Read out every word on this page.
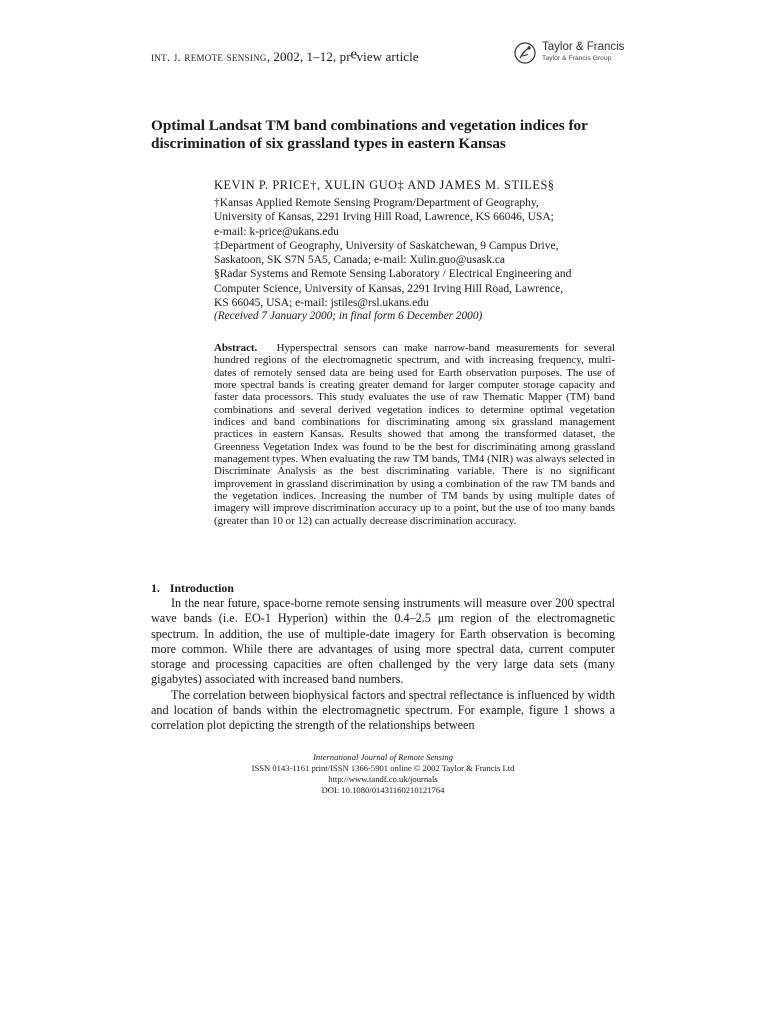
int. j. remote sensing, 2002, 1–12, preview article
Taylor & Francis
Taylor & Francis Group
Optimal Landsat TM band combinations and vegetation indices for discrimination of six grassland types in eastern Kansas
KEVIN P. PRICE†, XULIN GUO‡ AND JAMES M. STILES§
†Kansas Applied Remote Sensing Program/Department of Geography,
University of Kansas, 2291 Irving Hill Road, Lawrence, KS 66046, USA;
e-mail: k-price@ukans.edu
‡Department of Geography, University of Saskatchewan, 9 Campus Drive,
Saskatoon, SK S7N 5A5, Canada; e-mail: Xulin.guo@usask.ca
§Radar Systems and Remote Sensing Laboratory / Electrical Engineering and
Computer Science, University of Kansas, 2291 Irving Hill Road, Lawrence,
KS 66045, USA; e-mail: jstiles@rsl.ukans.edu
(Received 7 January 2000; in final form 6 December 2000)

Abstract. Hyperspectral sensors can make narrow-band measurements for several hundred regions of the electromagnetic spectrum, and with increasing frequency, multi-dates of remotely sensed data are being used for Earth observation purposes. The use of more spectral bands is creating greater demand for larger computer storage capacity and faster data processors. This study evaluates the use of raw Thematic Mapper (TM) band combinations and several derived vegetation indices to determine optimal vegetation indices and band combinations for discriminating among six grassland management practices in eastern Kansas. Results showed that among the transformed dataset, the Greenness Vegetation Index was found to be the best for discriminating among grassland management types. When evaluating the raw TM bands, TM4 (NIR) was always selected in Discriminate Analysis as the best discriminating variable. There is no significant improvement in grassland discrimination by using a combination of the raw TM bands and the vegetation indices. Increasing the number of TM bands by using multiple dates of imagery will improve discrimination accuracy up to a point, but the use of too many bands (greater than 10 or 12) can actually decrease discrimination accuracy.

1. Introduction

In the near future, space-borne remote sensing instruments will measure over 200 spectral wave bands (i.e. EO-1 Hyperion) within the 0.4–2.5 μm region of the electromagnetic spectrum. In addition, the use of multiple-date imagery for Earth observation is becoming more common. While there are advantages of using more spectral data, current computer storage and processing capacities are often challenged by the very large data sets (many gigabytes) associated with increased band numbers.

The correlation between biophysical factors and spectral reflectance is influenced by width and location of bands within the electromagnetic spectrum. For example, figure 1 shows a correlation plot depicting the strength of the relationships between

International Journal of Remote Sensing
ISSN 0143-1161 print/ISSN 1366-5901 online © 2002 Taylor & Francis Ltd
http://www.tandf.co.uk/journals
DOI: 10.1080/01431160210121764
